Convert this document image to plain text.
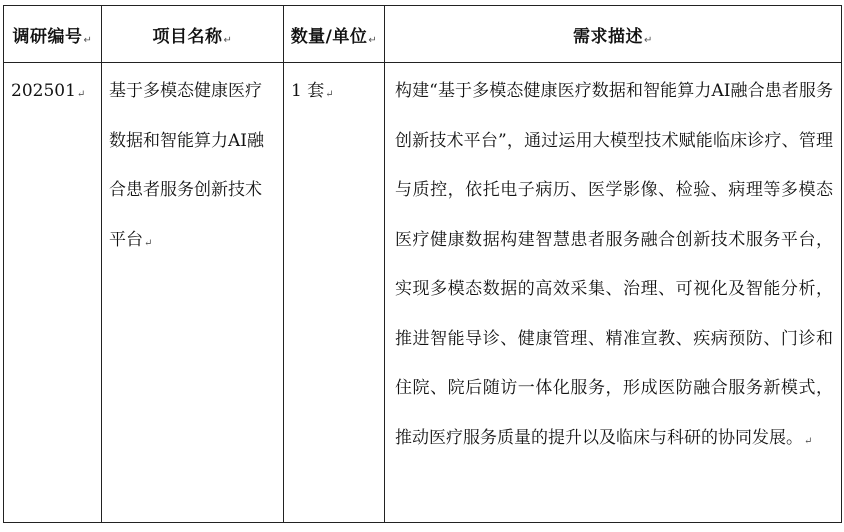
调研编号↵	项目名称↵	数量/单位↵	需求描述↵

202501↵	基于多模态健康医疗数据和智能算力AI融合患者服务创新技术平台↵	1 套↵	构建“基于多模态健康医疗数据和智能算力AI融合患者服务创新技术平台”，通过运用大模型技术赋能临床诊疗、管理与质控，依托电子病历、医学影像、检验、病理等多模态医疗健康数据构建智慧患者服务融合创新技术服务平台，实现多模态数据的高效采集、治理、可视化及智能分析，推进智能导诊、健康管理、精准宣教、疾病预防、门诊和住院、院后随访一体化服务，形成医防融合服务新模式，推动医疗服务质量的提升以及临床与科研的协同发展。↵
